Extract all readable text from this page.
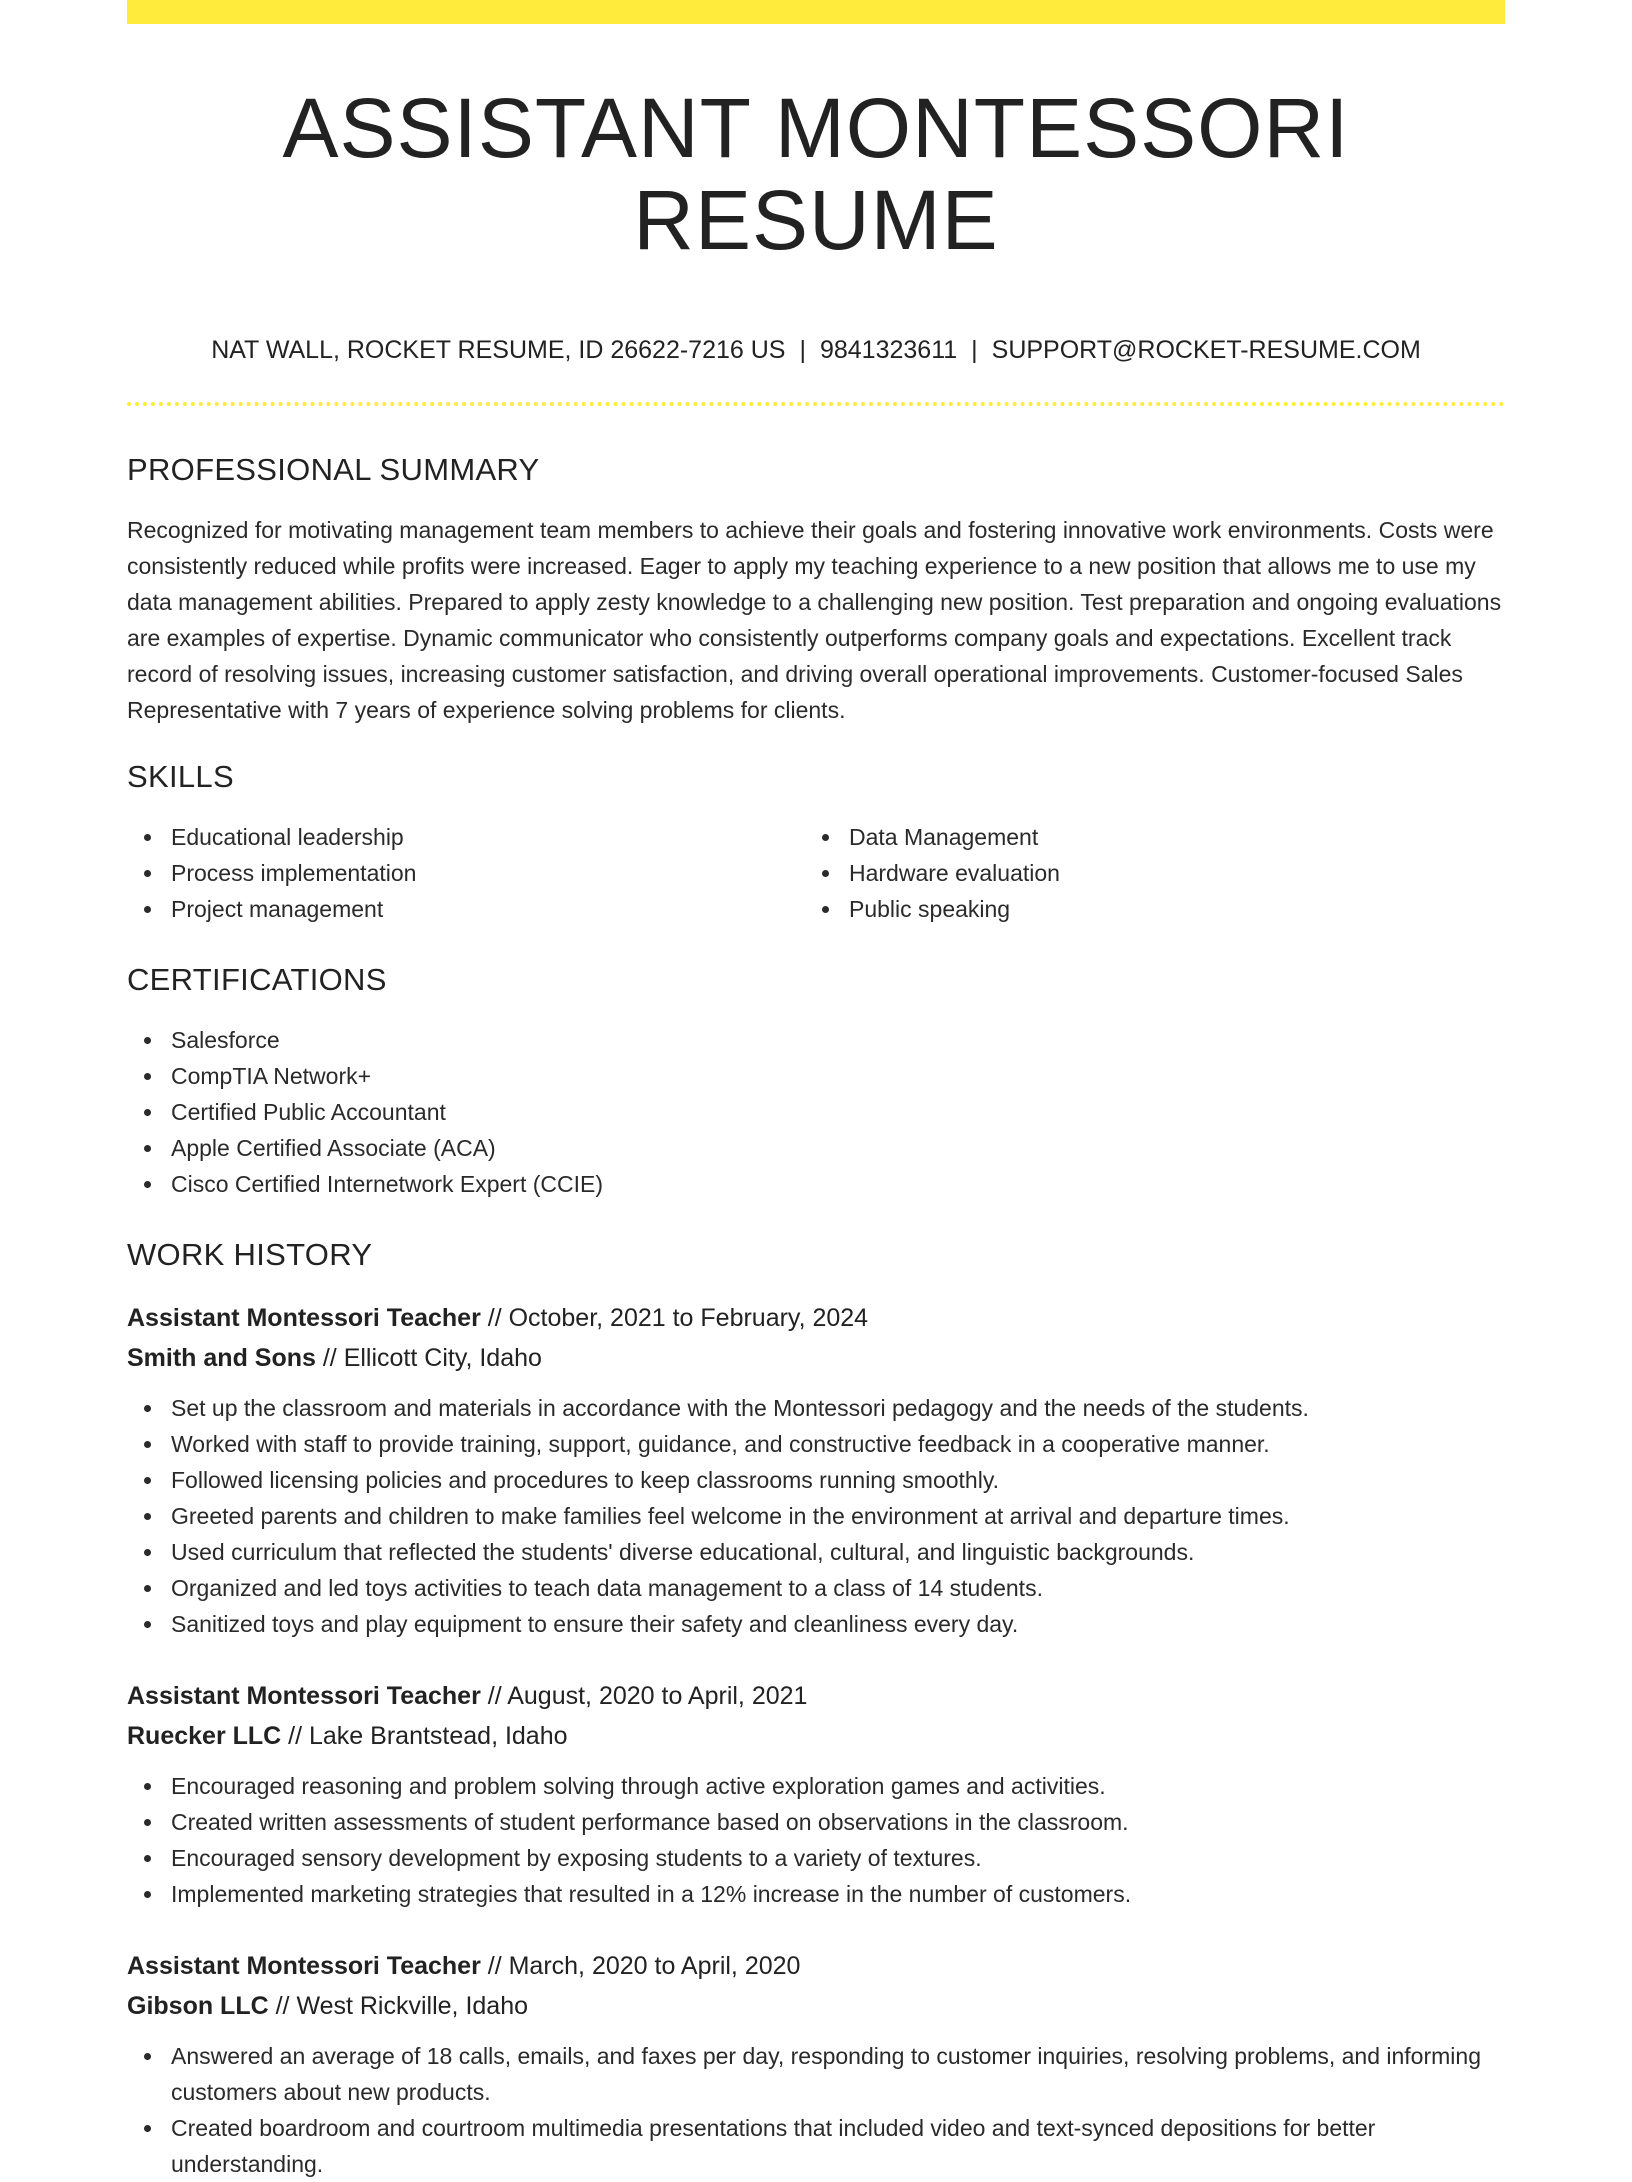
ASSISTANT MONTESSORI RESUME
NAT WALL, ROCKET RESUME, ID 26622-7216 US | 9841323611 | SUPPORT@ROCKET-RESUME.COM
PROFESSIONAL SUMMARY

Recognized for motivating management team members to achieve their goals and fostering innovative work environments. Costs were consistently reduced while profits were increased. Eager to apply my teaching experience to a new position that allows me to use my data management abilities. Prepared to apply zesty knowledge to a challenging new position. Test preparation and ongoing evaluations are examples of expertise. Dynamic communicator who consistently outperforms company goals and expectations. Excellent track record of resolving issues, increasing customer satisfaction, and driving overall operational improvements. Customer-focused Sales Representative with 7 years of experience solving problems for clients.

SKILLS
Educational leadership
Process implementation
Project management
Data Management
Hardware evaluation
Public speaking
CERTIFICATIONS
Salesforce
CompTIA Network+
Certified Public Accountant
Apple Certified Associate (ACA)
Cisco Certified Internetwork Expert (CCIE)
WORK HISTORY
Assistant Montessori Teacher // October, 2021 to February, 2024
Smith and Sons // Ellicott City, Idaho
Set up the classroom and materials in accordance with the Montessori pedagogy and the needs of the students.
Worked with staff to provide training, support, guidance, and constructive feedback in a cooperative manner.
Followed licensing policies and procedures to keep classrooms running smoothly.
Greeted parents and children to make families feel welcome in the environment at arrival and departure times.
Used curriculum that reflected the students' diverse educational, cultural, and linguistic backgrounds.
Organized and led toys activities to teach data management to a class of 14 students.
Sanitized toys and play equipment to ensure their safety and cleanliness every day.
Assistant Montessori Teacher // August, 2020 to April, 2021
Ruecker LLC // Lake Brantstead, Idaho
Encouraged reasoning and problem solving through active exploration games and activities.
Created written assessments of student performance based on observations in the classroom.
Encouraged sensory development by exposing students to a variety of textures.
Implemented marketing strategies that resulted in a 12% increase in the number of customers.
Assistant Montessori Teacher // March, 2020 to April, 2020
Gibson LLC // West Rickville, Idaho
Answered an average of 18 calls, emails, and faxes per day, responding to customer inquiries, resolving problems, and informing customers about new products.
Created boardroom and courtroom multimedia presentations that included video and text-synced depositions for better understanding.
